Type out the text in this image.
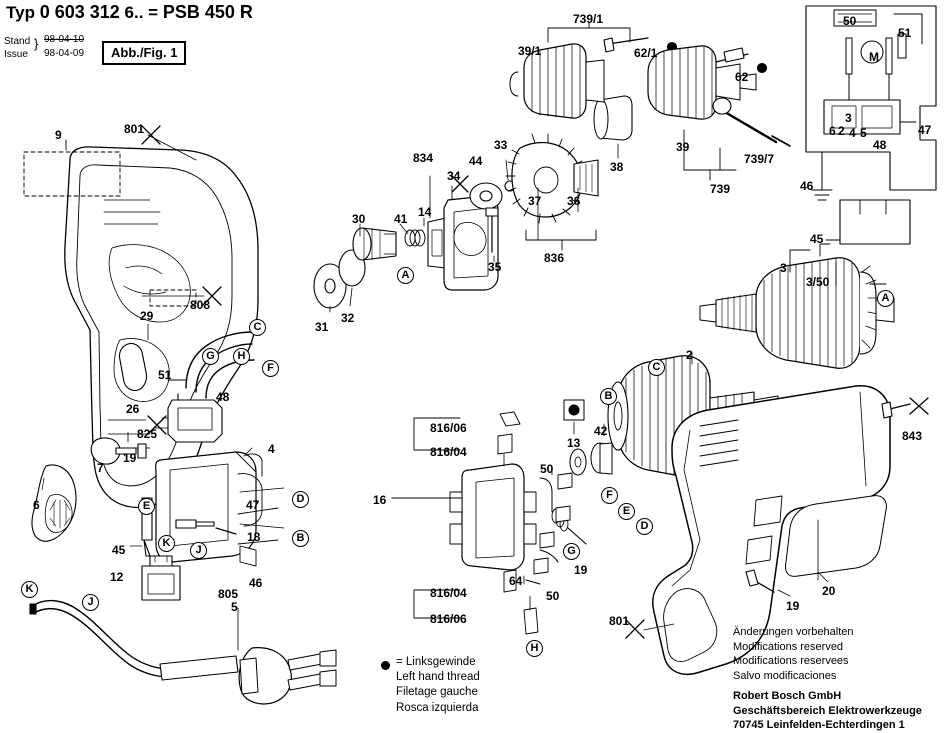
Typ 0 603 312 6.. = PSB 450 R
Stand
Issue
} 98-04-10
98-04-09	Abb./Fig. 1
9	801
808
29
51
48
26
825
7
19
4
6	47
18
45
46
12
805
5
30 41 14
834
34
44
33
35
31
32
37 36
836
38
39
739
739/7
739/1
39/1	62/1
62
3
3/50
2
13
42
16
816/06
816/04
816/04
816/06
50
50
64
19
843
20
19
801
50
51
47
46
45
48
3
4 5
6 2
M
C
G	H
F
E
D
K
J
B
K
J
A
A
C
B
F
E
D
G
H
= Linksgewinde
Left hand thread
Filetage gauche
Rosca izquierda
Änderungen vorbehalten
Modifications reserved
Modifications reservees
Salvo modificaciones
Robert Bosch GmbH
Geschäftsbereich Elektrowerkzeuge
70745 Leinfelden-Echterdingen 1
